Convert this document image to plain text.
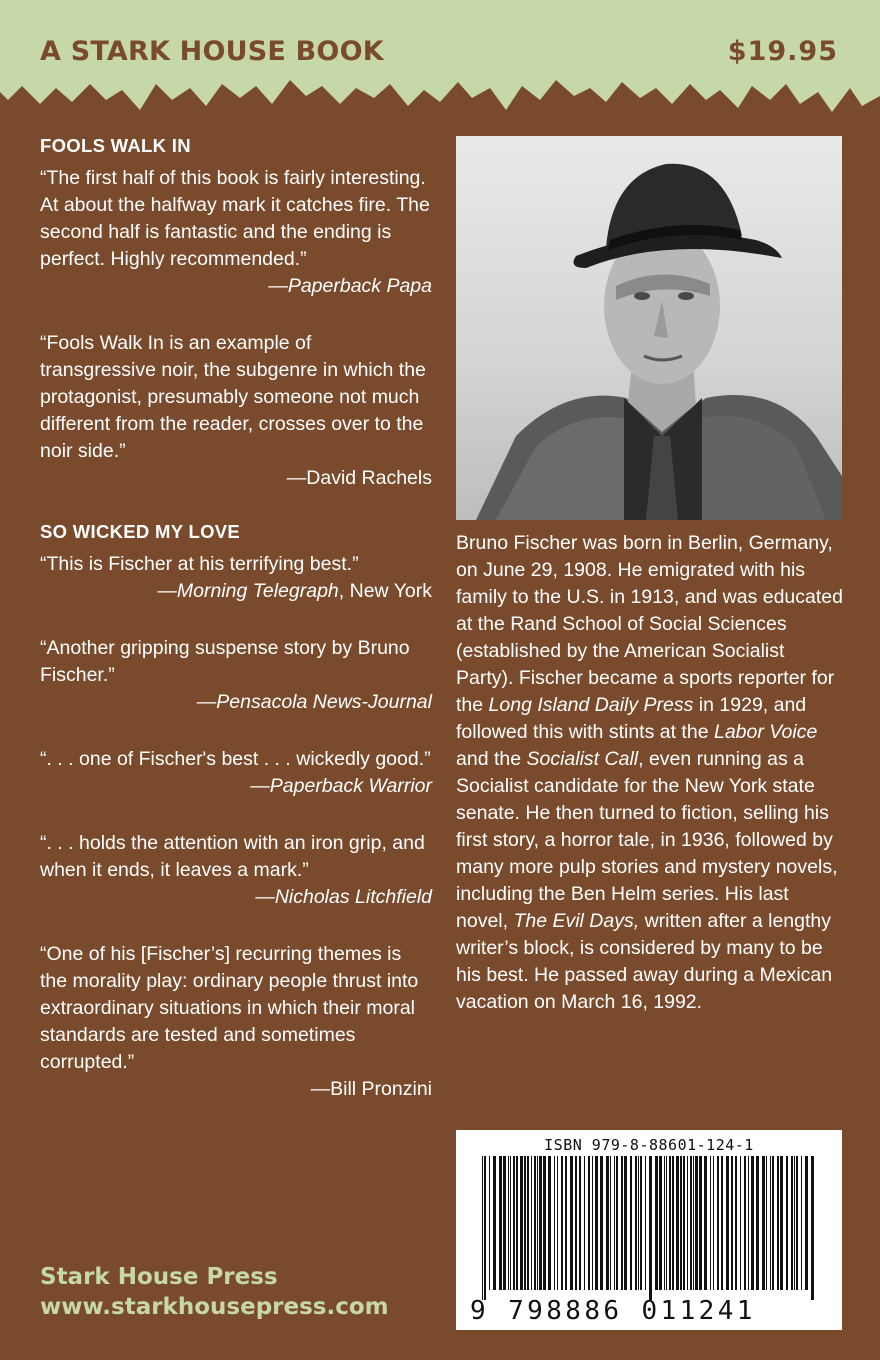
A STARK HOUSE BOOK	$19.95
FOOLS WALK IN

“The first half of this book is fairly interesting. At about the halfway mark it catches fire. The second half is fantastic and the ending is perfect. Highly recommended.”

—Paperback Papa

“Fools Walk In is an example of transgressive noir, the subgenre in which the protagonist, presumably someone not much different from the reader, crosses over to the noir side.”

—David Rachels

SO WICKED MY LOVE

“This is Fischer at his terrifying best.”

—Morning Telegraph, New York

“Another gripping suspense story by Bruno Fischer.”

—Pensacola News-Journal

“. . . one of Fischer's best . . . wickedly good.”

—Paperback Warrior

“. . . holds the attention with an iron grip, and when it ends, it leaves a mark.”

—Nicholas Litchfield

“One of his [Fischer’s] recurring themes is the morality play: ordinary people thrust into extraordinary situations in which their moral standards are tested and sometimes corrupted.”

—Bill Pronzini

Stark House Press
www.starkhousepress.com
Bruno Fischer was born in Berlin, Germany, on June 29, 1908. He emigrated with his family to the U.S. in 1913, and was educated at the Rand School of Social Sciences (established by the American Socialist Party). Fischer became a sports reporter for the Long Island Daily Press in 1929, and followed this with stints at the Labor Voice and the Socialist Call, even running as a Socialist candidate for the New York state senate. He then turned to fiction, selling his first story, a horror tale, in 1936, followed by many more pulp stories and mystery novels, including the Ben Helm series. His last novel, The Evil Days, written after a lengthy writer’s block, is considered by many to be his best. He passed away during a Mexican vacation on March 16, 1992.
ISBN 979-8-88601-124-1
9 798886 011241
